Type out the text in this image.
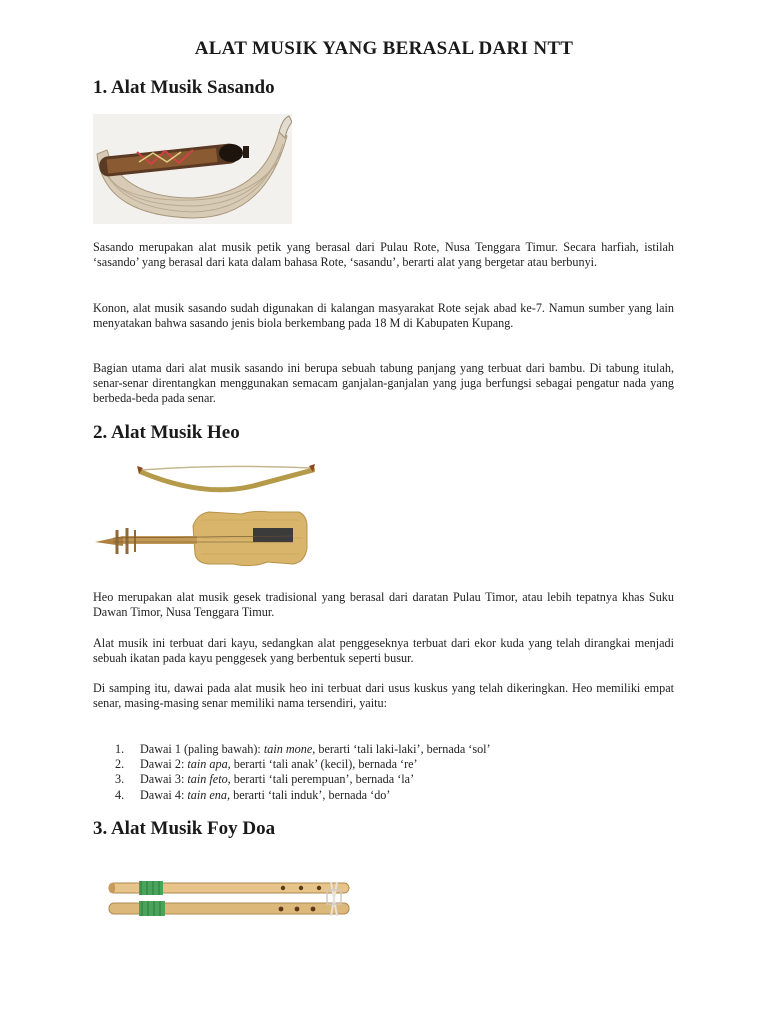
ALAT MUSIK YANG BERASAL DARI NTT
1. Alat Musik Sasando

Sasando merupakan alat musik petik yang berasal dari Pulau Rote, Nusa Tenggara Timur. Secara harfiah, istilah ‘sasando’ yang berasal dari kata dalam bahasa Rote, ‘sasandu’, berarti alat yang bergetar atau berbunyi.

Konon, alat musik sasando sudah digunakan di kalangan masyarakat Rote sejak abad ke-7. Namun sumber yang lain menyatakan bahwa sasando jenis biola berkembang pada 18 M di Kabupaten Kupang.

Bagian utama dari alat musik sasando ini berupa sebuah tabung panjang yang terbuat dari bambu. Di tabung itulah, senar-senar direntangkan menggunakan semacam ganjalan-ganjalan yang juga berfungsi sebagai pengatur nada yang berbeda-beda pada senar.

2. Alat Musik Heo

Heo merupakan alat musik gesek tradisional yang berasal dari daratan Pulau Timor, atau lebih tepatnya khas Suku Dawan Timor, Nusa Tenggara Timur.

Alat musik ini terbuat dari kayu, sedangkan alat penggeseknya terbuat dari ekor kuda yang telah dirangkai menjadi sebuah ikatan pada kayu penggesek yang berbentuk seperti busur.

Di samping itu, dawai pada alat musik heo ini terbuat dari usus kuskus yang telah dikeringkan. Heo memiliki empat senar, masing-masing senar memiliki nama tersendiri, yaitu:

1. Dawai 1 (paling bawah): tain mone, berarti ‘tali laki-laki’, bernada ‘sol’
2. Dawai 2: tain apa, berarti ‘tali anak’ (kecil), bernada ‘re’
3. Dawai 3: tain feto, berarti ‘tali perempuan’, bernada ‘la’
4. Dawai 4: tain ena, berarti ‘tali induk’, bernada ‘do’
3. Alat Musik Foy Doa
